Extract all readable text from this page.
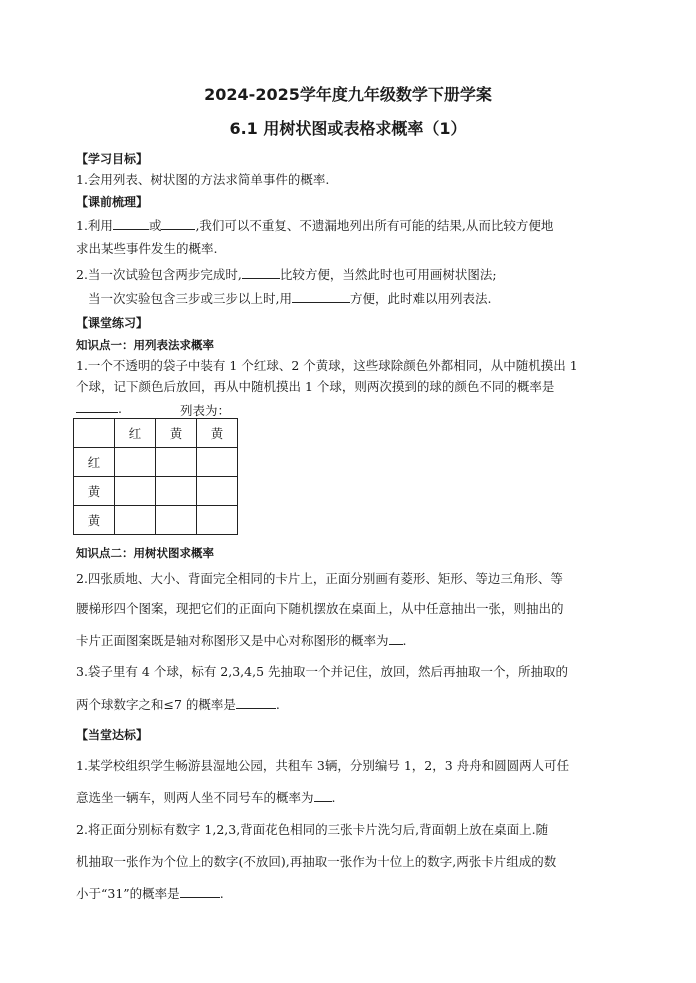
2024-2025学年度九年级数学下册学案
6.1 用树状图或表格求概率（1）
【学习目标】
1.会用列表、树状图的方法求简单事件的概率.
【课前梳理】
1.利用	或	,我们可以不重复、不遗漏地列出所有可能的结果,从而比较方便地
求出某些事件发生的概率.
2.当一次试验包含两步完成时,	比较方便，当然此时也可用画树状图法;
当一次实验包含三步或三步以上时,用	方便，此时难以用列表法.
【课堂练习】
知识点一：用列表法求概率
1.一个不透明的袋子中装有 1 个红球、2 个黄球，这些球除颜色外都相同，从中随机摸出 1
个球，记下颜色后放回，再从中随机摸出 1 个球，则两次摸到的球的颜色不同的概率是
.	列表为：
	红	黄	黄
红			
黄			
黄			
知识点二：用树状图求概率
2.四张质地、大小、背面完全相同的卡片上，正面分别画有菱形、矩形、等边三角形、等
腰梯形四个图案，现把它们的正面向下随机摆放在桌面上，从中任意抽出一张，则抽出的
卡片正面图案既是轴对称图形又是中心对称图形的概率为 .
3.袋子里有 4 个球，标有 2,3,4,5 先抽取一个并记住，放回，然后再抽取一个，所抽取的
两个球数字之和≤7 的概率是	.
【当堂达标】
1.某学校组织学生畅游县湿地公园，共租车 3辆，分别编号 1，2，3 舟舟和圆圆两人可任
意选坐一辆车，则两人坐不同号车的概率为 .
2.将正面分别标有数字 1,2,3,背面花色相同的三张卡片洗匀后,背面朝上放在桌面上.随
机抽取一张作为个位上的数字(不放回),再抽取一张作为十位上的数字,两张卡片组成的数
小于“31”的概率是	.
